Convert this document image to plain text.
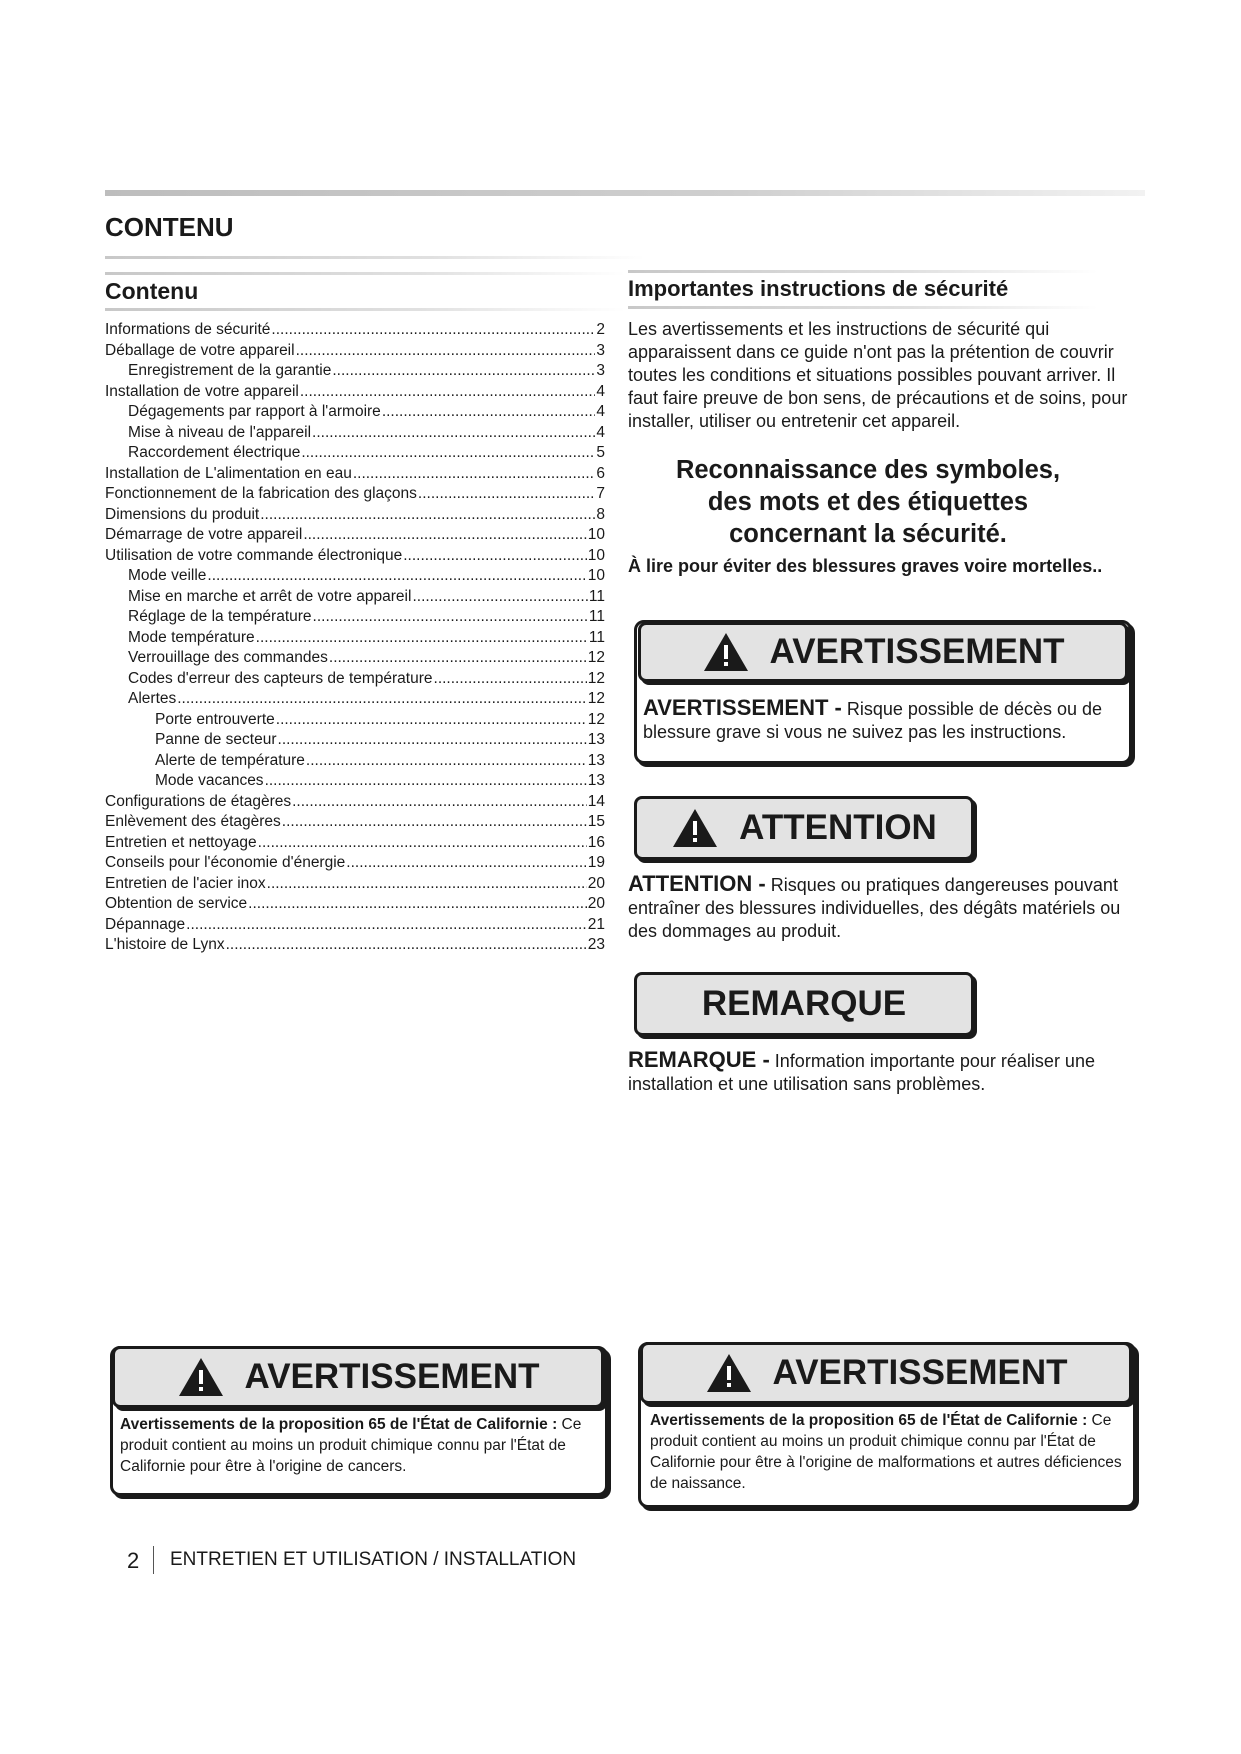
CONTENU
Contenu
Informations de sécurité .....	2
Déballage de votre appareil .....	3
Enregistrement de la garantie .....	3
Installation de votre appareil .....	4
Dégagements par rapport à l'armoire .....	4
Mise à niveau de l'appareil .....	4
Raccordement électrique .....	5
Installation de L'alimentation en eau .....	6
Fonctionnement de la fabrication des glaçons .....	7
Dimensions du produit .....	8
Démarrage de votre appareil .....	10
Utilisation de votre commande électronique .....	10
Mode veille .....	10
Mise en marche et arrêt de votre appareil .....	11
Réglage de la température .....	11
Mode température .....	11
Verrouillage des commandes .....	12
Codes d'erreur des capteurs de température .....	12
Alertes .....	12
Porte entrouverte .....	12
Panne de secteur .....	13
Alerte de température .....	13
Mode vacances .....	13
Configurations de étagères .....	14
Enlèvement des étagères .....	15
Entretien et nettoyage .....	16
Conseils pour l'économie d'énergie .....	19
Entretien de l'acier inox .....	20
Obtention de service .....	20
Dépannage .....	21
L'histoire de Lynx .....	23
Importantes instructions de sécurité

Les avertissements et les instructions de sécurité qui apparaissent dans ce guide n'ont pas la prétention de couvrir toutes les conditions et situations possibles pouvant arriver. Il faut faire preuve de bon sens, de précautions et de soins, pour installer, utiliser ou entretenir cet appareil.

Reconnaissance des symboles,
des mots et des étiquettes
concernant la sécurité.

À lire pour éviter des blessures graves voire mortelles..

AVERTISSEMENT

AVERTISSEMENT - Risque possible de décès ou de blessure grave si vous ne suivez pas les instructions.

ATTENTION

ATTENTION - Risques ou pratiques dangereuses pouvant entraîner des blessures individuelles, des dégâts matériels ou des dommages au produit.

REMARQUE

REMARQUE - Information importante pour réaliser une installation et une utilisation sans problèmes.

AVERTISSEMENT

Avertissements de la proposition 65 de l'État de Californie : Ce produit contient au moins un produit chimique connu par l'État de Californie pour être à l'origine de cancers.

AVERTISSEMENT

Avertissements de la proposition 65 de l'État de Californie : Ce produit contient au moins un produit chimique connu par l'État de Californie pour être à l'origine de malformations et autres déficiences de naissance.

2 ENTRETIEN ET UTILISATION / INSTALLATION
